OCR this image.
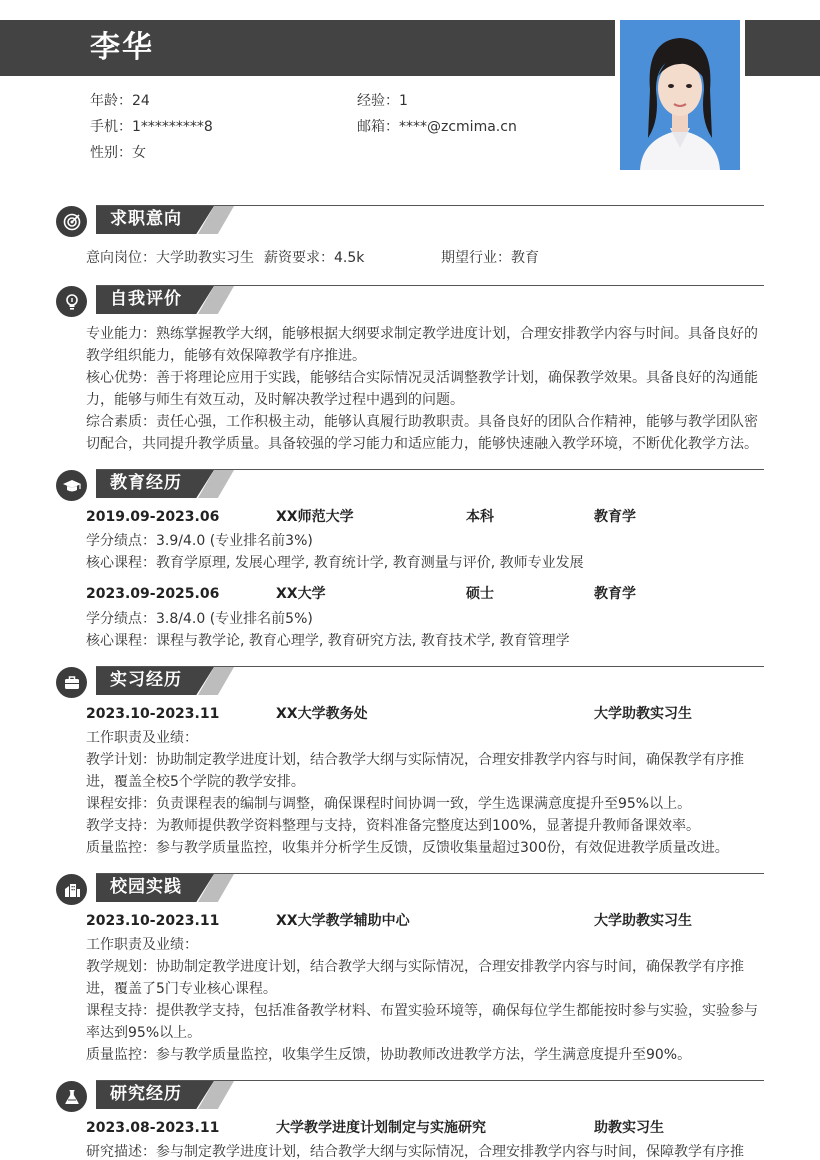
李华
年龄：24	经验：1
手机：1*********8	邮箱：****@zcmima.cn
性别：女
求职意向
意向岗位：大学助教实习生 薪资要求：4.5k	期望行业：教育
自我评价
专业能力：熟练掌握教学大纲，能够根据大纲要求制定教学进度计划，合理安排教学内容与时间。具备良好的教学组织能力，能够有效保障教学有序推进。
核心优势：善于将理论应用于实践，能够结合实际情况灵活调整教学计划，确保教学效果。具备良好的沟通能力，能够与师生有效互动，及时解决教学过程中遇到的问题。
综合素质：责任心强，工作积极主动，能够认真履行助教职责。具备良好的团队合作精神，能够与教学团队密切配合，共同提升教学质量。具备较强的学习能力和适应能力，能够快速融入教学环境，不断优化教学方法。
教育经历
2019.09-2023.06	XX师范大学	本科	教育学
学分绩点：3.9/4.0 (专业排名前3%)
核心课程：教育学原理, 发展心理学, 教育统计学, 教育测量与评价, 教师专业发展
2023.09-2025.06	XX大学	硕士	教育学
学分绩点：3.8/4.0 (专业排名前5%)
核心课程：课程与教学论, 教育心理学, 教育研究方法, 教育技术学, 教育管理学
实习经历
2023.10-2023.11	XX大学教务处	大学助教实习生
工作职责及业绩：
教学计划：协助制定教学进度计划，结合教学大纲与实际情况，合理安排教学内容与时间，确保教学有序推进，覆盖全校5个学院的教学安排。
课程安排：负责课程表的编制与调整，确保课程时间协调一致，学生选课满意度提升至95%以上。
教学支持：为教师提供教学资料整理与支持，资料准备完整度达到100%，显著提升教师备课效率。
质量监控：参与教学质量监控，收集并分析学生反馈，反馈收集量超过300份，有效促进教学质量改进。
校园实践
2023.10-2023.11	XX大学教学辅助中心	大学助教实习生
工作职责及业绩：
教学规划：协助制定教学进度计划，结合教学大纲与实际情况，合理安排教学内容与时间，确保教学有序推进，覆盖了5门专业核心课程。
课程支持：提供教学支持，包括准备教学材料、布置实验环境等，确保每位学生都能按时参与实验，实验参与率达到95%以上。
质量监控：参与教学质量监控，收集学生反馈，协助教师改进教学方法，学生满意度提升至90%。
研究经历
2023.08-2023.11	大学教学进度计划制定与实施研究	助教实习生
研究描述：参与制定教学进度计划，结合教学大纲与实际情况，合理安排教学内容与时间，保障教学有序推
